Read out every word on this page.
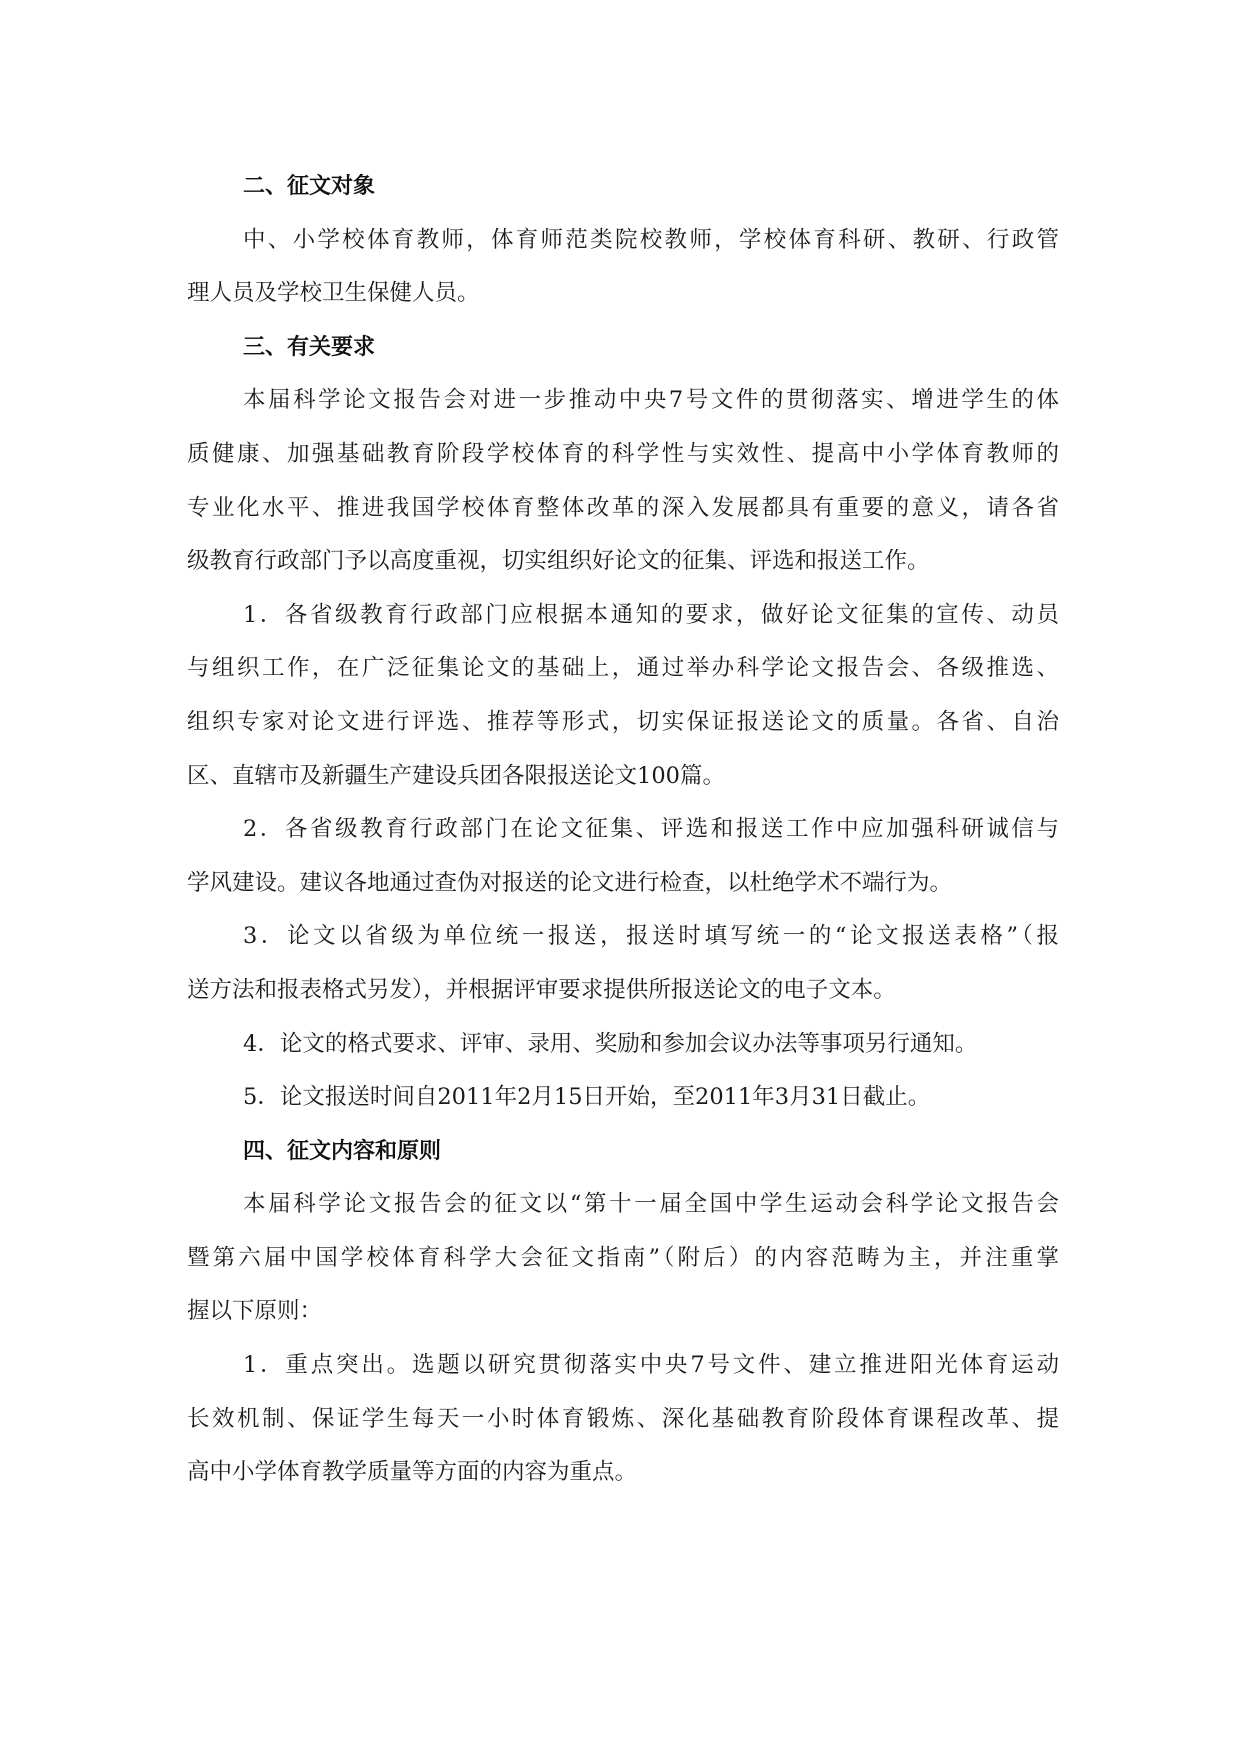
二、征文对象
中、小学校体育教师，体育师范类院校教师，学校体育科研、教研、行政管
理人员及学校卫生保健人员。
三、有关要求
本届科学论文报告会对进一步推动中央7号文件的贯彻落实、增进学生的体
质健康、加强基础教育阶段学校体育的科学性与实效性、提高中小学体育教师的
专业化水平、推进我国学校体育整体改革的深入发展都具有重要的意义，请各省
级教育行政部门予以高度重视，切实组织好论文的征集、评选和报送工作。
1．各省级教育行政部门应根据本通知的要求，做好论文征集的宣传、动员
与组织工作，在广泛征集论文的基础上，通过举办科学论文报告会、各级推选、
组织专家对论文进行评选、推荐等形式，切实保证报送论文的质量。各省、自治
区、直辖市及新疆生产建设兵团各限报送论文100篇。
2．各省级教育行政部门在论文征集、评选和报送工作中应加强科研诚信与
学风建设。建议各地通过查伪对报送的论文进行检查，以杜绝学术不端行为。
3．论文以省级为单位统一报送，报送时填写统一的“论文报送表格”（报
送方法和报表格式另发），并根据评审要求提供所报送论文的电子文本。
4．论文的格式要求、评审、录用、奖励和参加会议办法等事项另行通知。
5．论文报送时间自2011年2月15日开始，至2011年3月31日截止。
四、征文内容和原则
本届科学论文报告会的征文以“第十一届全国中学生运动会科学论文报告会
暨第六届中国学校体育科学大会征文指南”（附后）的内容范畴为主，并注重掌
握以下原则：
1．重点突出。选题以研究贯彻落实中央7号文件、建立推进阳光体育运动
长效机制、保证学生每天一小时体育锻炼、深化基础教育阶段体育课程改革、提
高中小学体育教学质量等方面的内容为重点。
